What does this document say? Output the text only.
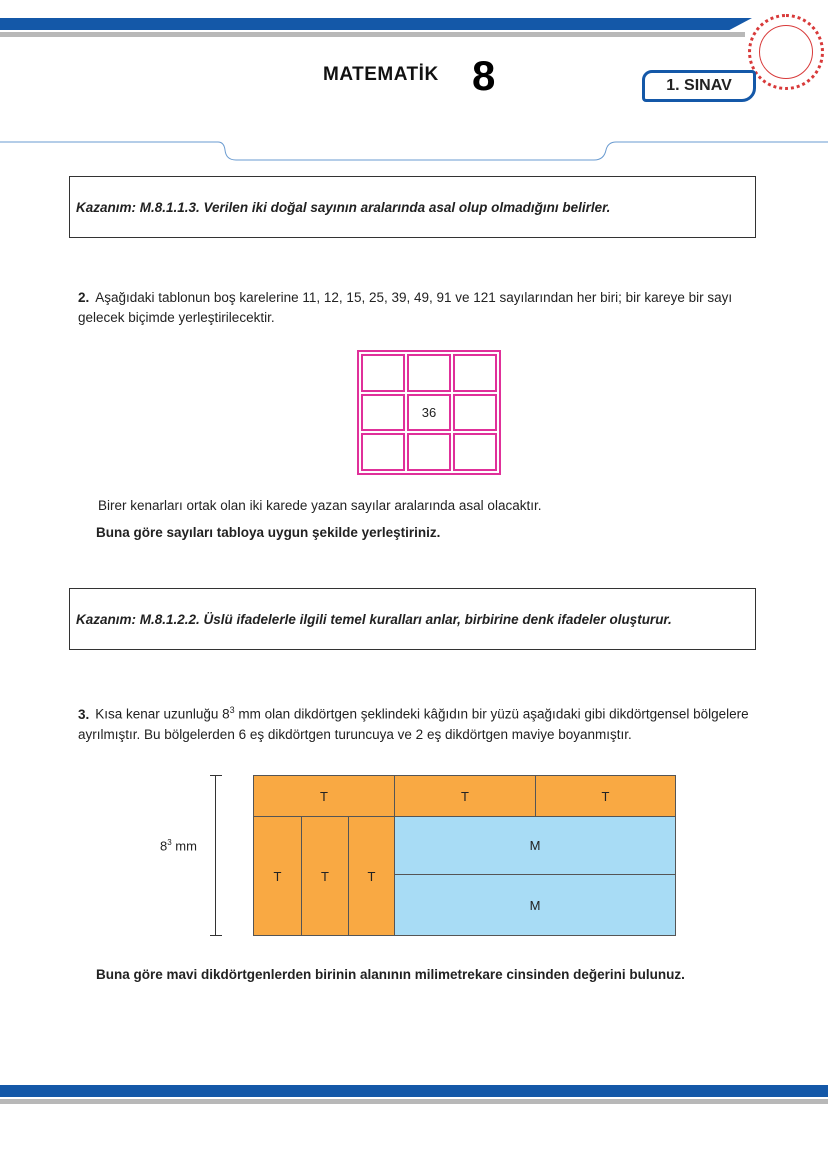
MATEMATİK 8	1. SINAV
Kazanım: M.8.1.1.3. Verilen iki doğal sayının aralarında asal olup olmadığını belirler.
2. Aşağıdaki tablonun boş karelerine 11, 12, 15, 25, 39, 49, 91 ve 121 sayılarından her biri; bir kareye bir sayı gelecek biçimde yerleştirilecektir.
36
Birer kenarları ortak olan iki karede yazan sayılar aralarında asal olacaktır.
Buna göre sayıları tabloya uygun şekilde yerleştiriniz.
Kazanım: M.8.1.2.2. Üslü ifadelerle ilgili temel kuralları anlar, birbirine denk ifadeler oluşturur.
3. Kısa kenar uzunluğu $8^3$ mm olan dikdörtgen şeklindeki kâğıdın bir yüzü aşağıdaki gibi dikdörtgensel bölgelere ayrılmıştır. Bu bölgelerden 6 eş dikdörtgen turuncuya ve 2 eş dikdörtgen maviye boyanmıştır.
$8^3$ mm
T	T	T
T	T	T
M
M
Buna göre mavi dikdörtgenlerden birinin alanının milimetrekare cinsinden değerini bulunuz.
